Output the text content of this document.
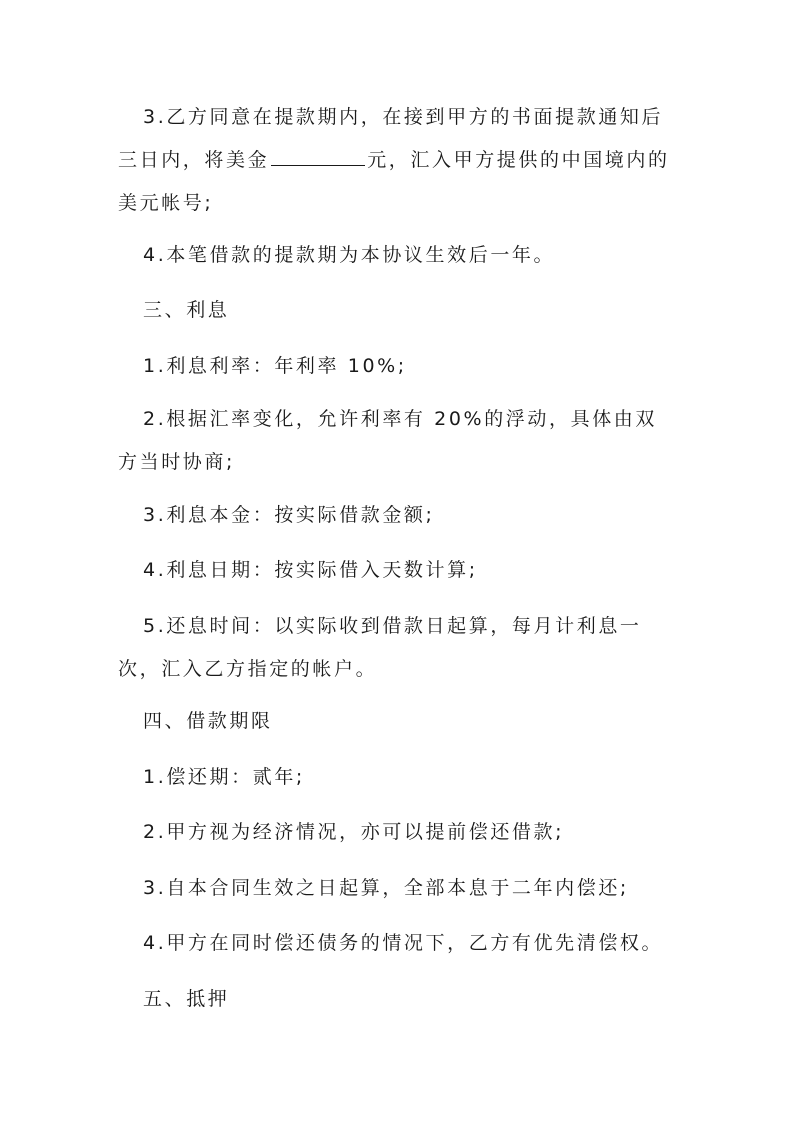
3.乙方同意在提款期内，在接到甲方的书面提款通知后三日内，将美金	元，汇入甲方提供的中国境内的美元帐号;

4.本笔借款的提款期为本协议生效后一年。

三、利息

1.利息利率：年利率 10%;

2.根据汇率变化，允许利率有 20%的浮动，具体由双方当时协商;

3.利息本金：按实际借款金额;

4.利息日期：按实际借入天数计算;

5.还息时间：以实际收到借款日起算，每月计利息一次，汇入乙方指定的帐户。

四、借款期限

1.偿还期：贰年;

2.甲方视为经济情况，亦可以提前偿还借款;

3.自本合同生效之日起算，全部本息于二年内偿还;

4.甲方在同时偿还债务的情况下，乙方有优先清偿权。

五、抵押
